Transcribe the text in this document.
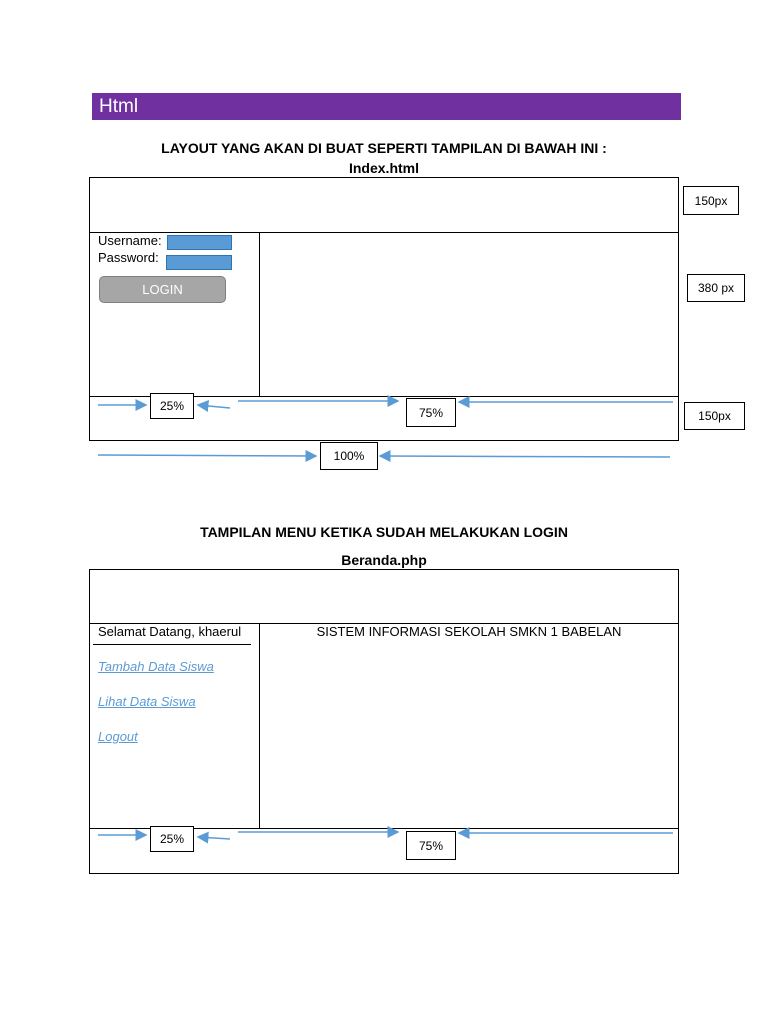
Html
LAYOUT YANG AKAN DI BUAT SEPERTI TAMPILAN DI BAWAH INI :
Index.html
Username:
Password:
LOGIN
150px
380 px
150px
25%	75%
100%
TAMPILAN MENU KETIKA SUDAH MELAKUKAN LOGIN
Beranda.php
Selamat Datang, khaerul
Tambah Data Siswa
Lihat Data Siswa
Logout
SISTEM INFORMASI SEKOLAH SMKN 1 BABELAN
25%	75%
